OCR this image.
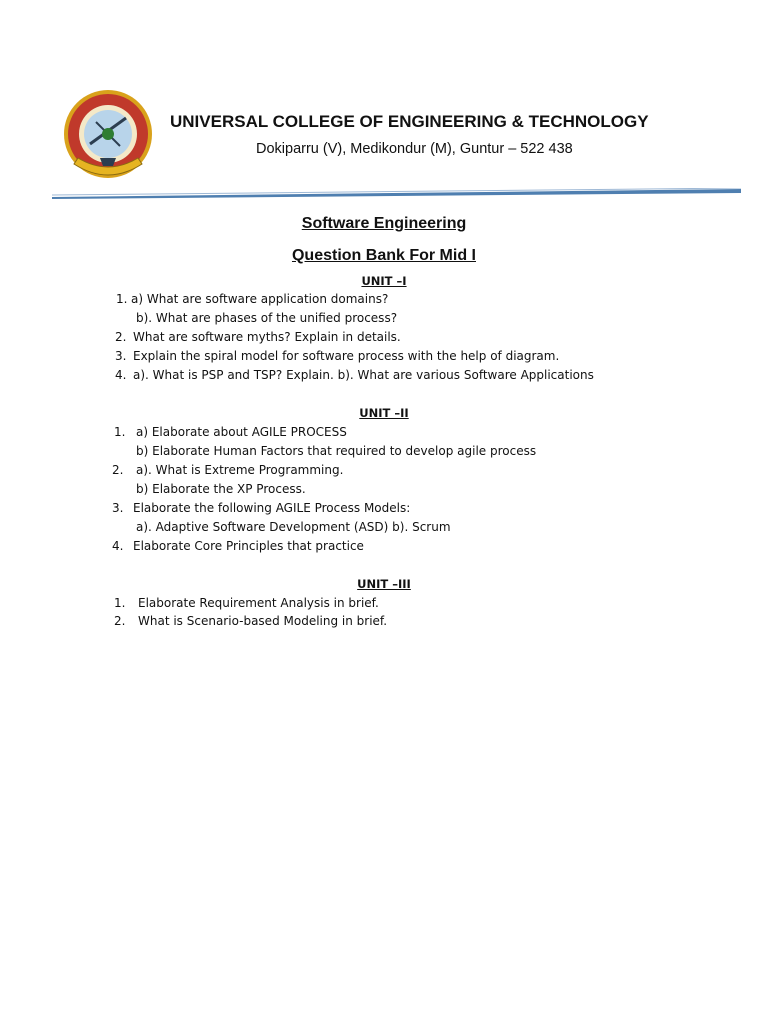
UNIVERSAL COLLEGE OF ENGINEERING & TECHNOLOGY
Dokiparru (V), Medikondur (M), Guntur – 522 438
Software Engineering
Question Bank For Mid I
UNIT –I
1. a) What are software application domains?
b). What are phases of the unified process?
2. What are software myths? Explain in details.
3. Explain the spiral model for software process with the help of diagram.
4. a). What is PSP and TSP? Explain. b). What are various Software Applications
UNIT –II
1. a) Elaborate about AGILE PROCESS
b) Elaborate Human Factors that required to develop agile process
2. a). What is Extreme Programming.
b) Elaborate the XP Process.
3. Elaborate the following AGILE Process Models:
a). Adaptive Software Development (ASD) b). Scrum
4. Elaborate Core Principles that practice
UNIT –III
1. Elaborate Requirement Analysis in brief.
2. What is Scenario-based Modeling in brief.
